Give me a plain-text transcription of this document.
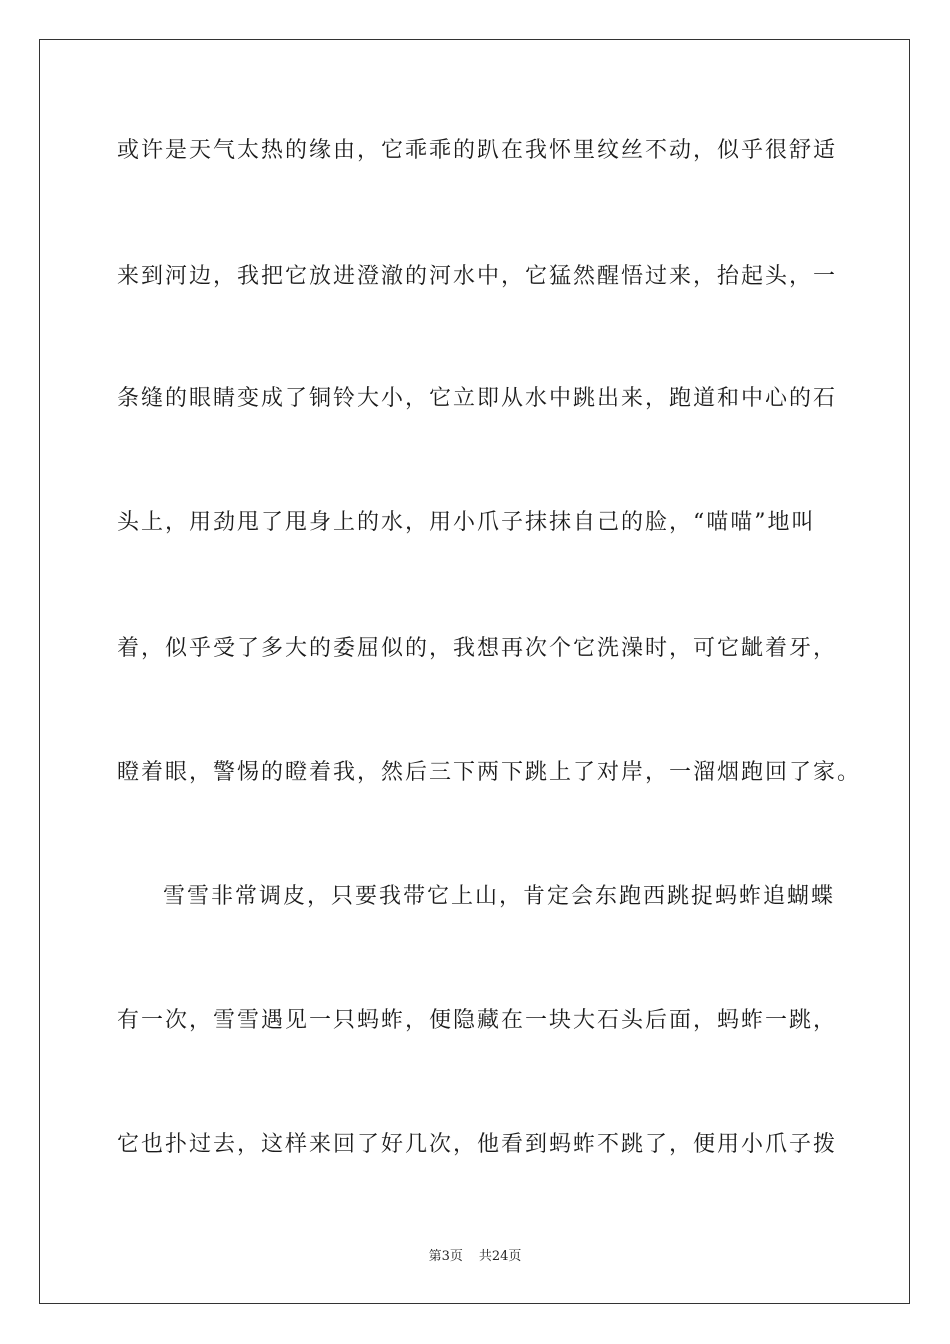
或许是天气太热的缘由，它乖乖的趴在我怀里纹丝不动，似乎很舒适
来到河边，我把它放进澄澈的河水中，它猛然醒悟过来，抬起头，一
条缝的眼睛变成了铜铃大小，它立即从水中跳出来，跑道和中心的石
头上，用劲甩了甩身上的水，用小爪子抹抹自己的脸，“喵喵”地叫
着，似乎受了多大的委屈似的，我想再次个它洗澡时，可它龇着牙，
瞪着眼，警惕的瞪着我，然后三下两下跳上了对岸，一溜烟跑回了家。
雪雪非常调皮，只要我带它上山，肯定会东跑西跳捉蚂蚱追蝴蝶
有一次，雪雪遇见一只蚂蚱，便隐藏在一块大石头后面，蚂蚱一跳，
它也扑过去，这样来回了好几次，他看到蚂蚱不跳了，便用小爪子拨
第3页 共24页
